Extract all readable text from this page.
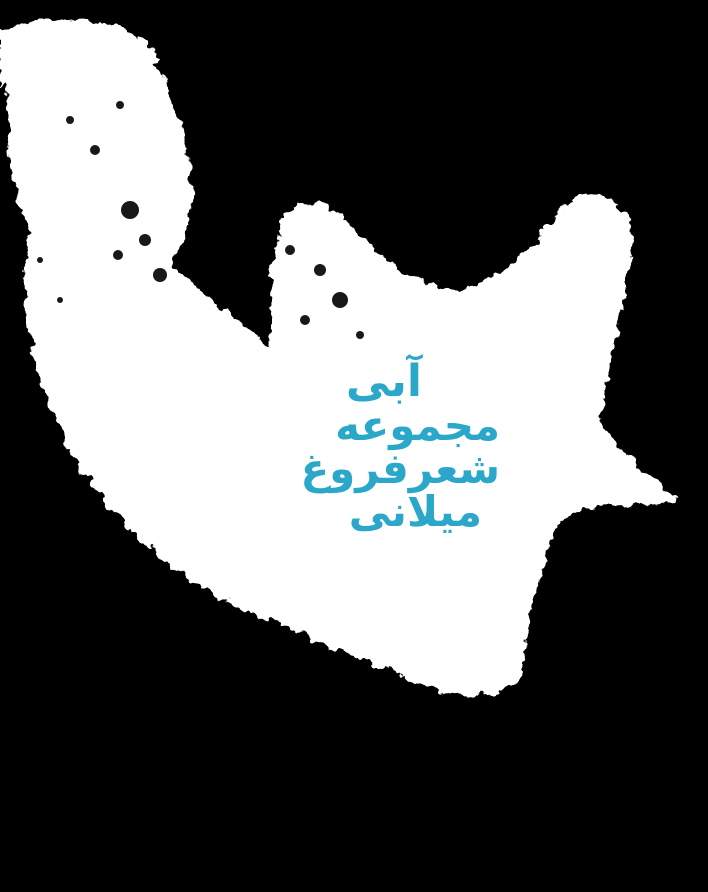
آبی
مجموعه
شعرفروغ
میلانی
